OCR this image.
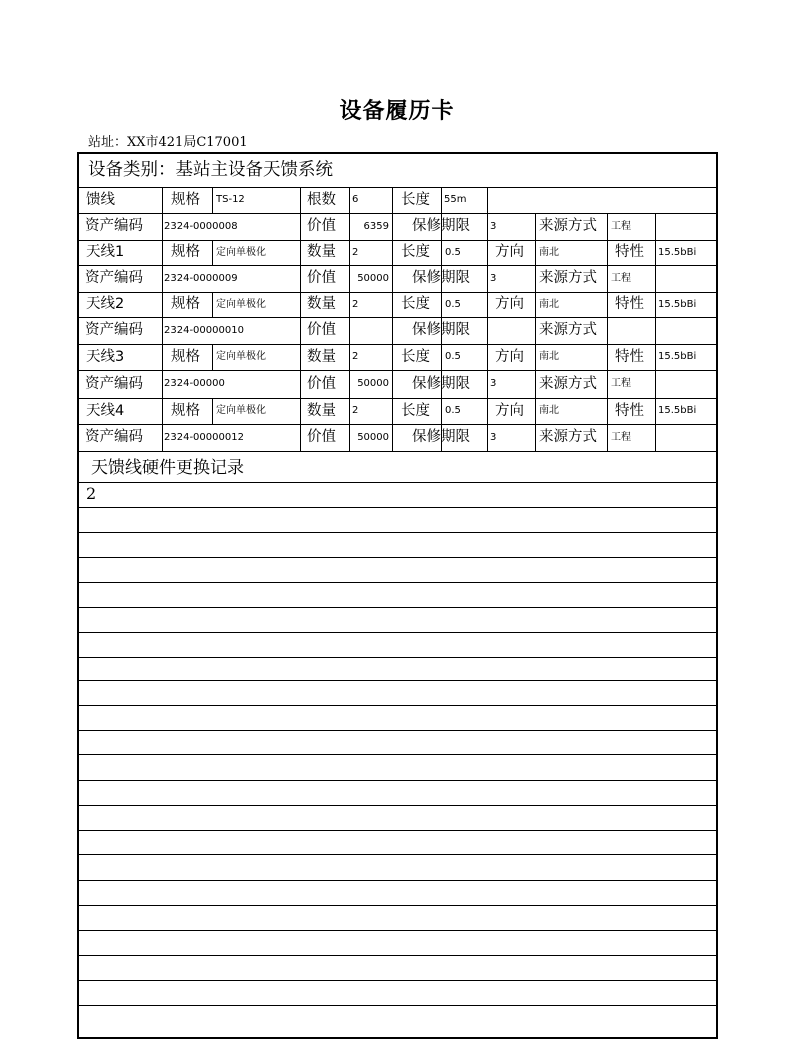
设备履历卡
站址：XX市421局C17001
设备类别：基站主设备天馈系统
馈线	规格	TS-12	根数	6	长度	55m
资产编码	2324-0000008	价值	6359 保修期限	3	来源方式	工程
天线1	规格	定向单极化	数量	2	长度	0.5	方向	南北	特性	15.5bBi
资产编码	2324-0000009	价值	50000 保修期限	3	来源方式	工程
天线2	规格	定向单极化	数量	2	长度	0.5	方向	南北	特性	15.5bBi
资产编码	2324-00000010	价值	保修期限	来源方式
天线3	规格	定向单极化	数量	2	长度	0.5	方向	南北	特性	15.5bBi
资产编码	2324-00000	价值	50000 保修期限	3	来源方式	工程
天线4	规格	定向单极化	数量	2	长度	0.5	方向	南北	特性	15.5bBi
资产编码	2324-00000012	价值	50000 保修期限	3	来源方式	工程
天馈线硬件更换记录
2
